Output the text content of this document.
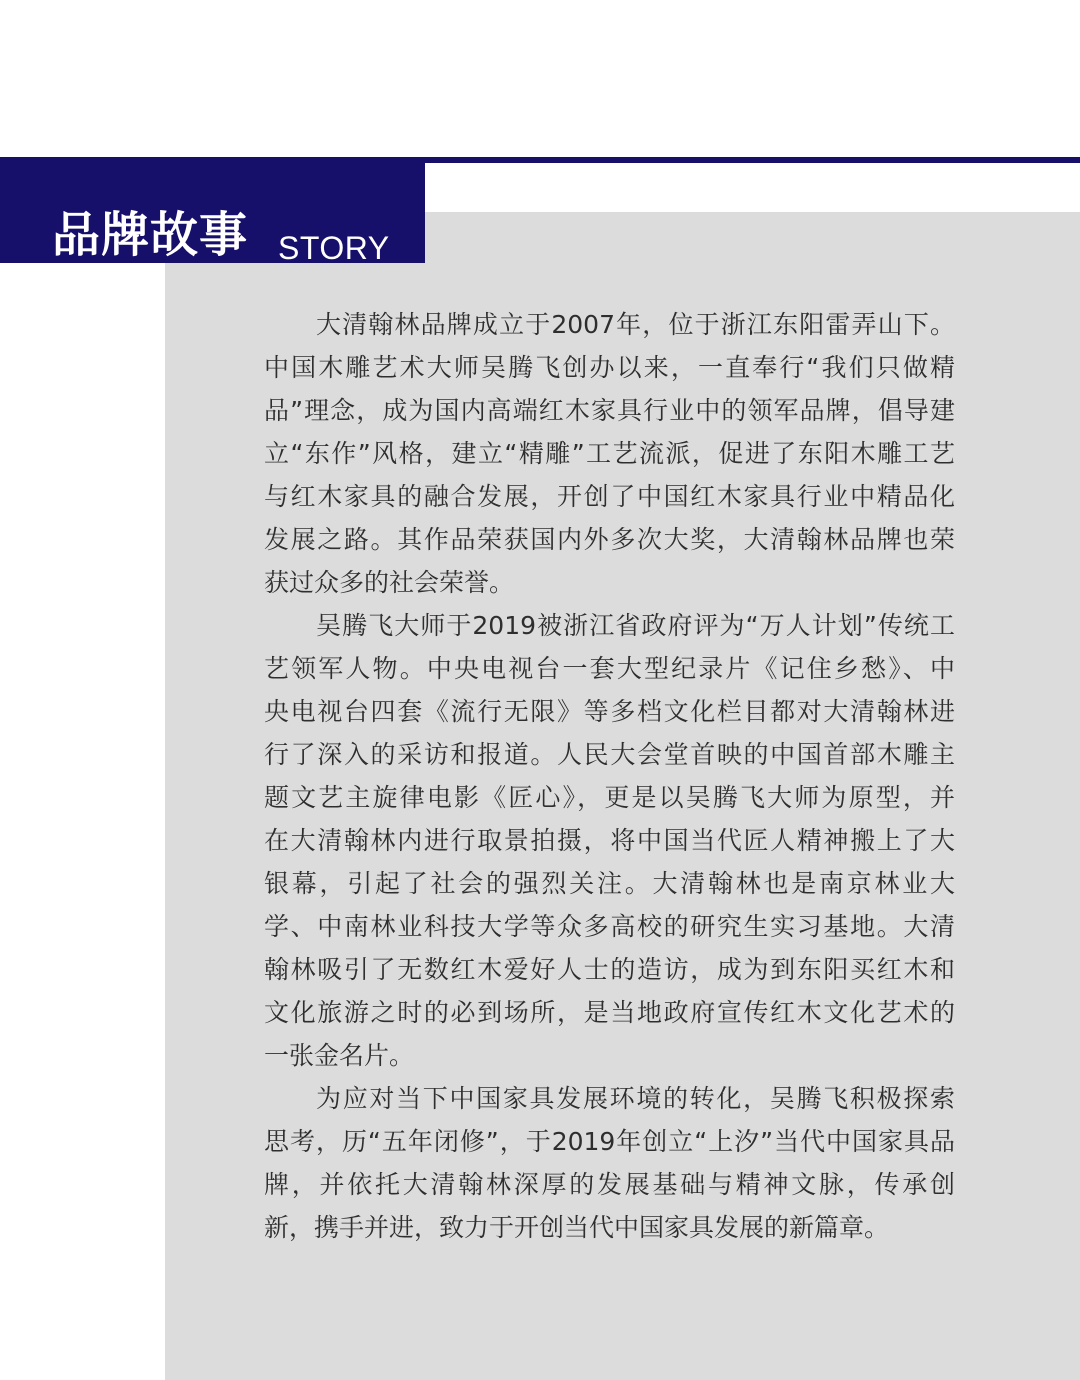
品牌故事 STORY
大清翰林品牌成立于2007年，位于浙江东阳雷弄山下。
中国木雕艺术大师吴腾飞创办以来，一直奉行“我们只做精
品”理念，成为国内高端红木家具行业中的领军品牌，倡导建
立“东作”风格，建立“精雕”工艺流派，促进了东阳木雕工艺
与红木家具的融合发展，开创了中国红木家具行业中精品化
发展之路。其作品荣获国内外多次大奖，大清翰林品牌也荣
获过众多的社会荣誉。
吴腾飞大师于2019被浙江省政府评为“万人计划”传统工
艺领军人物。中央电视台一套大型纪录片《记住乡愁》、中
央电视台四套《流行无限》等多档文化栏目都对大清翰林进
行了深入的采访和报道。人民大会堂首映的中国首部木雕主
题文艺主旋律电影《匠心》，更是以吴腾飞大师为原型，并
在大清翰林内进行取景拍摄，将中国当代匠人精神搬上了大
银幕，引起了社会的强烈关注。大清翰林也是南京林业大
学、中南林业科技大学等众多高校的研究生实习基地。大清
翰林吸引了无数红木爱好人士的造访，成为到东阳买红木和
文化旅游之时的必到场所，是当地政府宣传红木文化艺术的
一张金名片。
为应对当下中国家具发展环境的转化，吴腾飞积极探索
思考，历“五年闭修”，于2019年创立“上汐”当代中国家具品
牌，并依托大清翰林深厚的发展基础与精神文脉，传承创
新，携手并进，致力于开创当代中国家具发展的新篇章。
